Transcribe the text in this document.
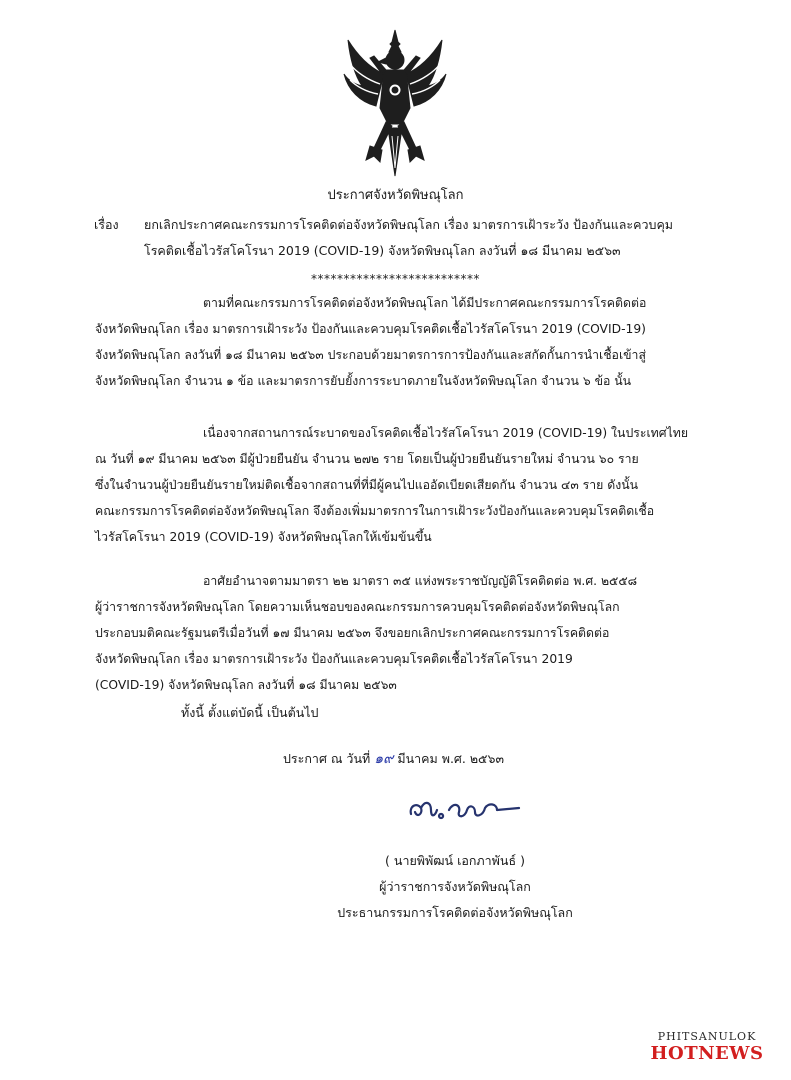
ประกาศจังหวัดพิษณุโลก
เรื่อง ยกเลิกประกาศคณะกรรมการโรคติดต่อจังหวัดพิษณุโลก เรื่อง มาตรการเฝ้าระวัง ป้องกันและควบคุม
โรคติดเชื้อไวรัสโคโรนา 2019 (COVID-19) จังหวัดพิษณุโลก ลงวันที่ ๑๘ มีนาคม ๒๕๖๓
**************************
ตามที่คณะกรรมการโรคติดต่อจังหวัดพิษณุโลก ได้มีประกาศคณะกรรมการโรคติดต่อ
จังหวัดพิษณุโลก เรื่อง มาตรการเฝ้าระวัง ป้องกันและควบคุมโรคติดเชื้อไวรัสโคโรนา 2019 (COVID-19)
จังหวัดพิษณุโลก ลงวันที่ ๑๘ มีนาคม ๒๕๖๓ ประกอบด้วยมาตรการการป้องกันและสกัดกั้นการนำเชื้อเข้าสู่
จังหวัดพิษณุโลก จำนวน ๑ ข้อ และมาตรการยับยั้งการระบาดภายในจังหวัดพิษณุโลก จำนวน ๖ ข้อ นั้น
เนื่องจากสถานการณ์ระบาดของโรคติดเชื้อไวรัสโคโรนา 2019 (COVID-19) ในประเทศไทย
ณ วันที่ ๑๙ มีนาคม ๒๕๖๓ มีผู้ป่วยยืนยัน จำนวน ๒๗๒ ราย โดยเป็นผู้ป่วยยืนยันรายใหม่ จำนวน ๖๐ ราย
ซึ่งในจำนวนผู้ป่วยยืนยันรายใหม่ติดเชื้อจากสถานที่ที่มีผู้คนไปแออัดเบียดเสียดกัน จำนวน ๔๓ ราย ดังนั้น
คณะกรรมการโรคติดต่อจังหวัดพิษณุโลก จึงต้องเพิ่มมาตรการในการเฝ้าระวังป้องกันและควบคุมโรคติดเชื้อ
ไวรัสโคโรนา 2019 (COVID-19) จังหวัดพิษณุโลกให้เข้มข้นขึ้น
อาศัยอำนาจตามมาตรา ๒๒ มาตรา ๓๕ แห่งพระราชบัญญัติโรคติดต่อ พ.ศ. ๒๕๕๘
ผู้ว่าราชการจังหวัดพิษณุโลก โดยความเห็นชอบของคณะกรรมการควบคุมโรคติดต่อจังหวัดพิษณุโลก
ประกอบมติคณะรัฐมนตรีเมื่อวันที่ ๑๗ มีนาคม ๒๕๖๓ จึงขอยกเลิกประกาศคณะกรรมการโรคติดต่อ
จังหวัดพิษณุโลก เรื่อง มาตรการเฝ้าระวัง ป้องกันและควบคุมโรคติดเชื้อไวรัสโคโรนา 2019
(COVID-19) จังหวัดพิษณุโลก ลงวันที่ ๑๘ มีนาคม ๒๕๖๓
ทั้งนี้ ตั้งแต่บัดนี้ เป็นต้นไป
ประกาศ ณ วันที่ ๑๙ มีนาคม พ.ศ. ๒๕๖๓
( นายพิพัฒน์ เอกภาพันธ์ )
ผู้ว่าราชการจังหวัดพิษณุโลก
ประธานกรรมการโรคติดต่อจังหวัดพิษณุโลก
PHITSANULOK
HOTNEWS
